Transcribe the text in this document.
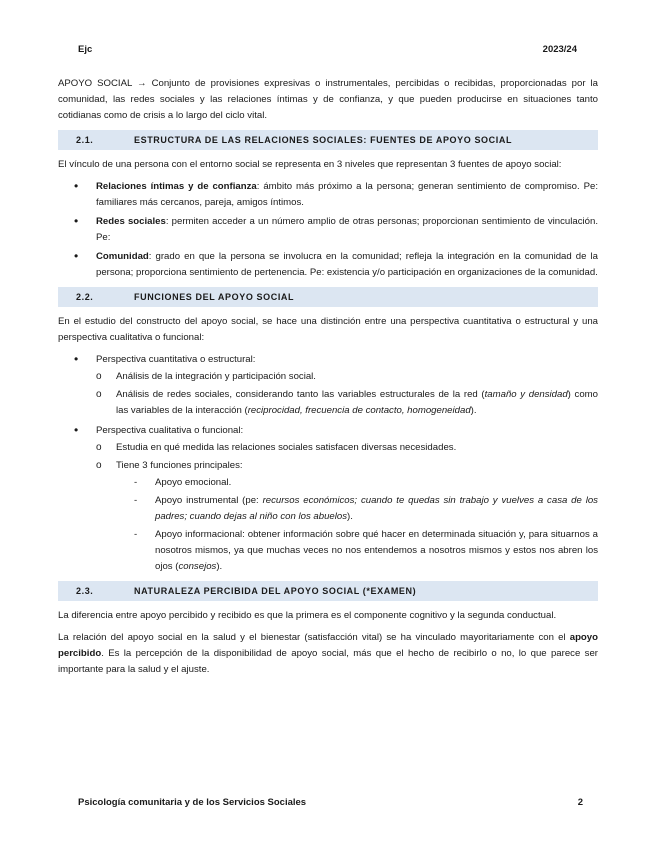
Ejc	2023/24

APOYO SOCIAL → Conjunto de provisiones expresivas o instrumentales, percibidas o recibidas, proporcionadas por la comunidad, las redes sociales y las relaciones íntimas y de confianza, y que pueden producirse en situaciones tanto cotidianas como de crisis a lo largo del ciclo vital.

2.1.	ESTRUCTURA DE LAS RELACIONES SOCIALES: FUENTES DE APOYO SOCIAL

El vínculo de una persona con el entorno social se representa en 3 niveles que representan 3 fuentes de apoyo social:

• Relaciones íntimas y de confianza: ámbito más próximo a la persona; generan sentimiento de compromiso. Pe: familiares más cercanos, pareja, amigos íntimos.
• Redes sociales: permiten acceder a un número amplio de otras personas; proporcionan sentimiento de vinculación. Pe:
• Comunidad: grado en que la persona se involucra en la comunidad; refleja la integración en la comunidad de la persona; proporciona sentimiento de pertenencia. Pe: existencia y/o participación en organizaciones de la comunidad.
2.2.	FUNCIONES DEL APOYO SOCIAL

En el estudio del constructo del apoyo social, se hace una distinción entre una perspectiva cuantitativa o estructural y una perspectiva cualitativa o funcional:

• Perspectiva cuantitativa o estructural:
o Análisis de la integración y participación social.
o Análisis de redes sociales, considerando tanto las variables estructurales de la red (tamaño y densidad) como las variables de la interacción (reciprocidad, frecuencia de contacto, homogeneidad).
• Perspectiva cualitativa o funcional:
o Estudia en qué medida las relaciones sociales satisfacen diversas necesidades.
o Tiene 3 funciones principales:
- Apoyo emocional.
- Apoyo instrumental (pe: recursos económicos; cuando te quedas sin trabajo y vuelves a casa de los padres; cuando dejas al niño con los abuelos).
- Apoyo informacional: obtener información sobre qué hacer en determinada situación y, para situarnos a nosotros mismos, ya que muchas veces no nos entendemos a nosotros mismos y estos nos abren los ojos (consejos).
2.3.	NATURALEZA PERCIBIDA DEL APOYO SOCIAL (*EXAMEN)

La diferencia entre apoyo percibido y recibido es que la primera es el componente cognitivo y la segunda conductual.

La relación del apoyo social en la salud y el bienestar (satisfacción vital) se ha vinculado mayoritariamente con el apoyo percibido. Es la percepción de la disponibilidad de apoyo social, más que el hecho de recibirlo o no, lo que parece ser importante para la salud y el ajuste.

Psicología comunitaria y de los Servicios Sociales	2
